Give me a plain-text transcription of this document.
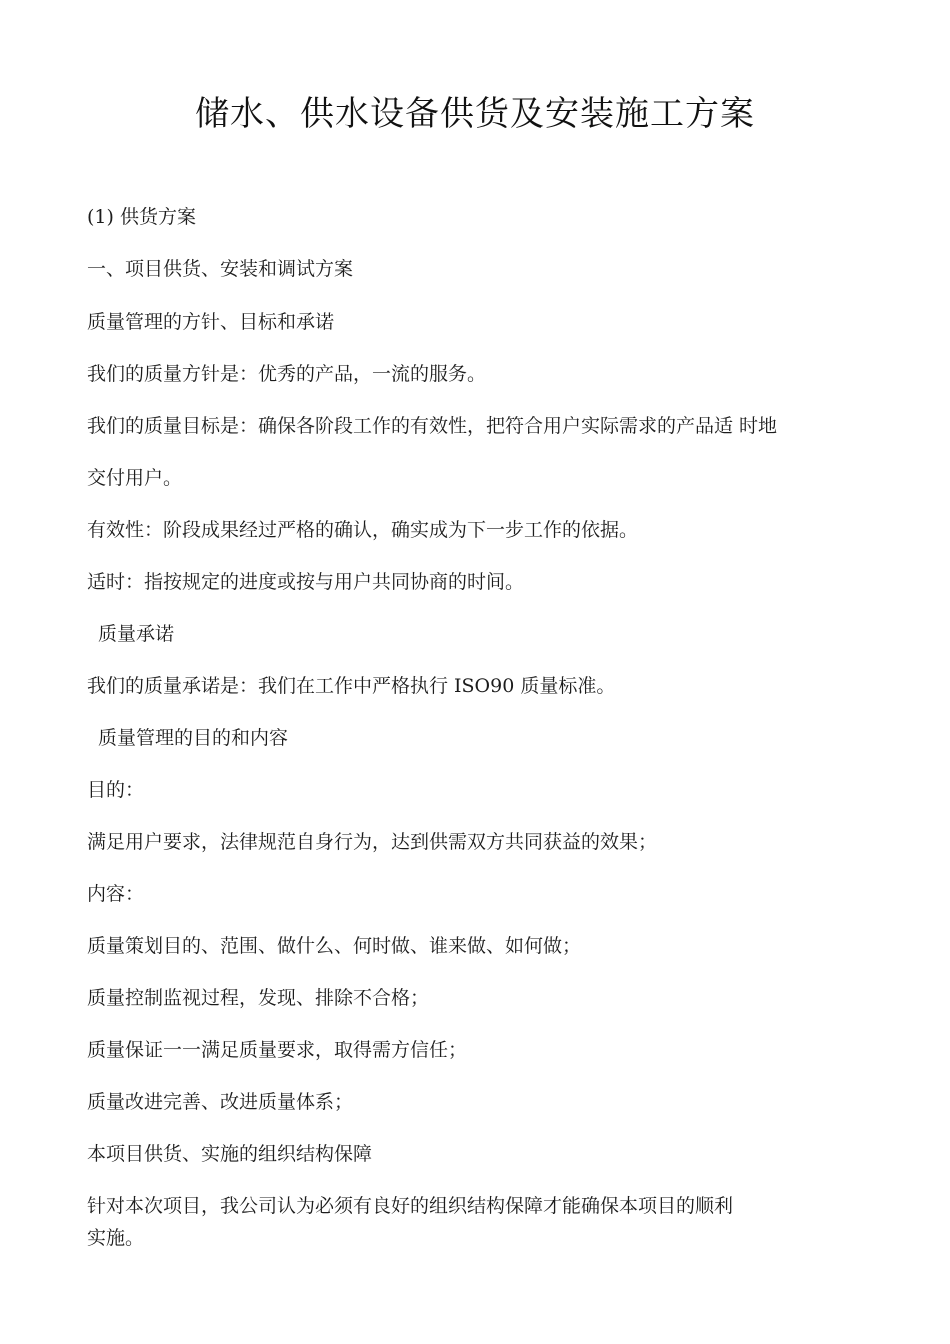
储水、供水设备供货及安装施工方案
(1) 供货方案
一、项目供货、安装和调试方案
质量管理的方针、目标和承诺
我们的质量方针是：优秀的产品，一流的服务。
我们的质量目标是：确保各阶段工作的有效性，把符合用户实际需求的产品适 时地
交付用户。
有效性：阶段成果经过严格的确认，确实成为下一步工作的依据。
适时：指按规定的进度或按与用户共同协商的时间。
质量承诺
我们的质量承诺是：我们在工作中严格执行 ISO90 质量标准。
质量管理的目的和内容
目的：
满足用户要求，法律规范自身行为，达到供需双方共同获益的效果；
内容：
质量策划目的、范围、做什么、何时做、谁来做、如何做；
质量控制监视过程，发现、排除不合格；
质量保证一一满足质量要求，取得需方信任；
质量改进完善、改进质量体系；
本项目供货、实施的组织结构保障
针对本次项目，我公司认为必须有良好的组织结构保障才能确保本项目的顺利
实施。
